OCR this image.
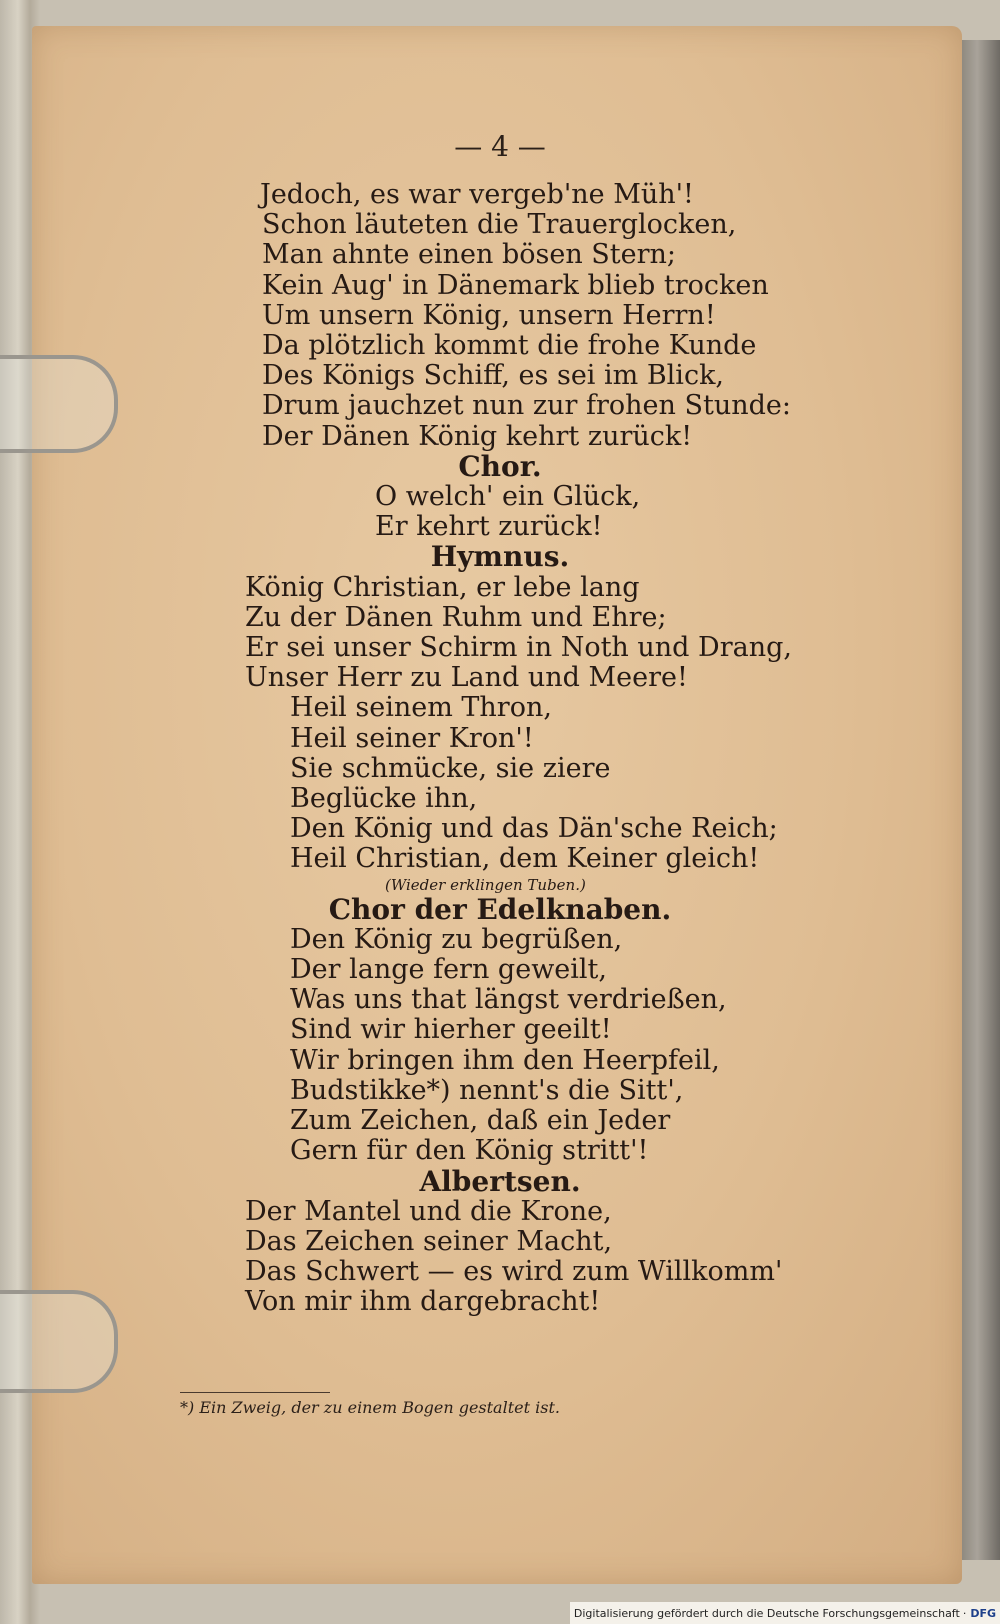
— 4 —
Jedoch, es war vergeb'ne Müh'!
Schon läuteten die Trauerglocken,
Man ahnte einen bösen Stern;
Kein Aug' in Dänemark blieb trocken
Um unsern König, unsern Herrn!
Da plötzlich kommt die frohe Kunde
Des Königs Schiff, es sei im Blick,
Drum jauchzet nun zur frohen Stunde:
Der Dänen König kehrt zurück!
Chor.
O welch' ein Glück,
Er kehrt zurück!
Hymnus.
König Christian, er lebe lang
Zu der Dänen Ruhm und Ehre;
Er sei unser Schirm in Noth und Drang,
Unser Herr zu Land und Meere!
Heil seinem Thron,
Heil seiner Kron'!
Sie schmücke, sie ziere
Beglücke ihn,
Den König und das Dän'sche Reich;
Heil Christian, dem Keiner gleich!
(Wieder erklingen Tuben.)
Chor der Edelknaben.
Den König zu begrüßen,
Der lange fern geweilt,
Was uns that längst verdrießen,
Sind wir hierher geeilt!
Wir bringen ihm den Heerpfeil,
Budstikke*) nennt's die Sitt',
Zum Zeichen, daß ein Jeder
Gern für den König stritt'!
Albertsen.
Der Mantel und die Krone,
Das Zeichen seiner Macht,
Das Schwert — es wird zum Willkomm'
Von mir ihm dargebracht!
*) Ein Zweig, der zu einem Bogen gestaltet ist.
Digitalisierung gefördert durch die Deutsche Forschungsgemeinschaft · DFG
